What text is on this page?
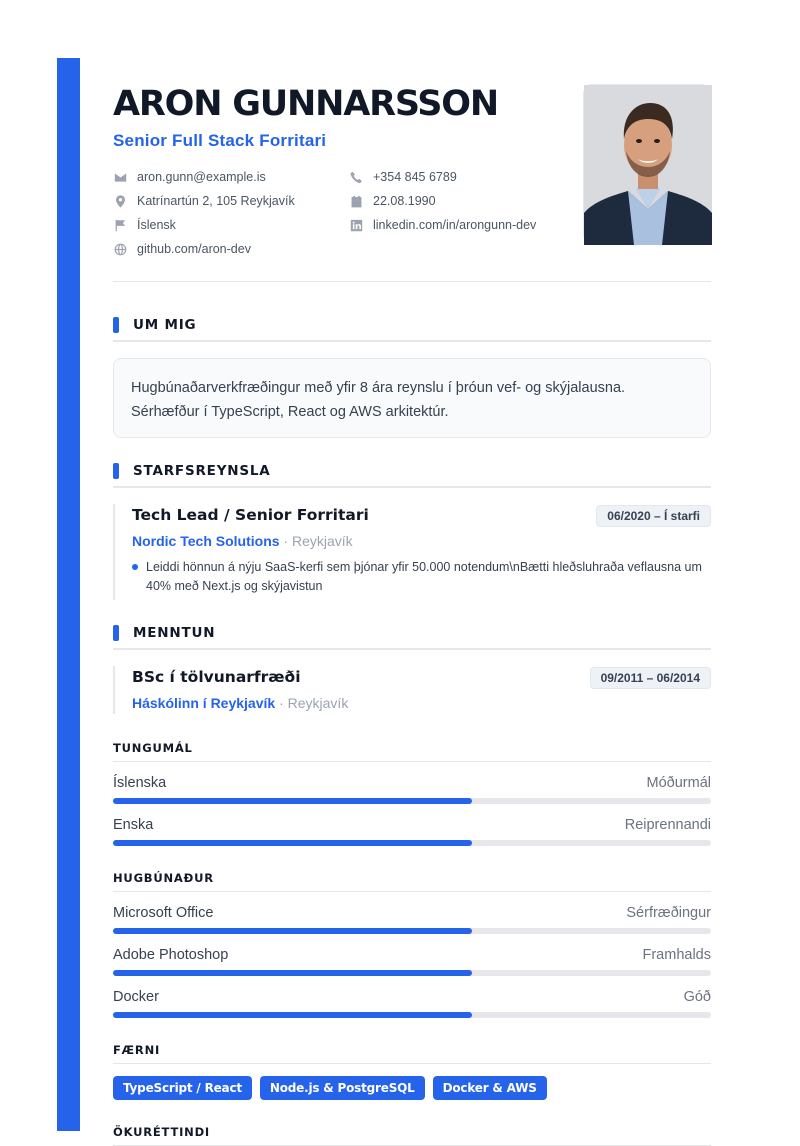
ARON GUNNARSSON
Senior Full Stack Forritari
aron.gunn@example.is	+354 845 6789
Katrínartún 2, 105 Reykjavík	22.08.1990
Íslensk	linkedin.com/in/arongunn-dev
github.com/aron-dev
UM MIG
Hugbúnaðarverkfræðingur með yfir 8 ára reynslu í þróun vef- og skýjalausna.
Sérhæfður í TypeScript, React og AWS arkitektúr.
STARFSREYNSLA
Tech Lead / Senior Forritari
Nordic Tech Solutions · Reykjavík
06/2020 – Í starfi
Leiddi hönnun á nýju SaaS-kerfi sem þjónar yfir 50.000 notendum\nBætti hleðsluhraða veflausna um 40% með Next.js og skýjavistun
MENNTUN
BSc í tölvunarfræði
Háskólinn í Reykjavík · Reykjavík
09/2011 – 06/2014
TUNGUMÁL
Íslenska	Móðurmál
Enska	Reiprennandi
HUGBÚNAÐUR
Microsoft Office	Sérfræðingur
Adobe Photoshop	Framhalds
Docker	Góð
FÆRNI
TypeScript / React	Node.js & PostgreSQL	Docker & AWS
ÖKURÉTTINDI
